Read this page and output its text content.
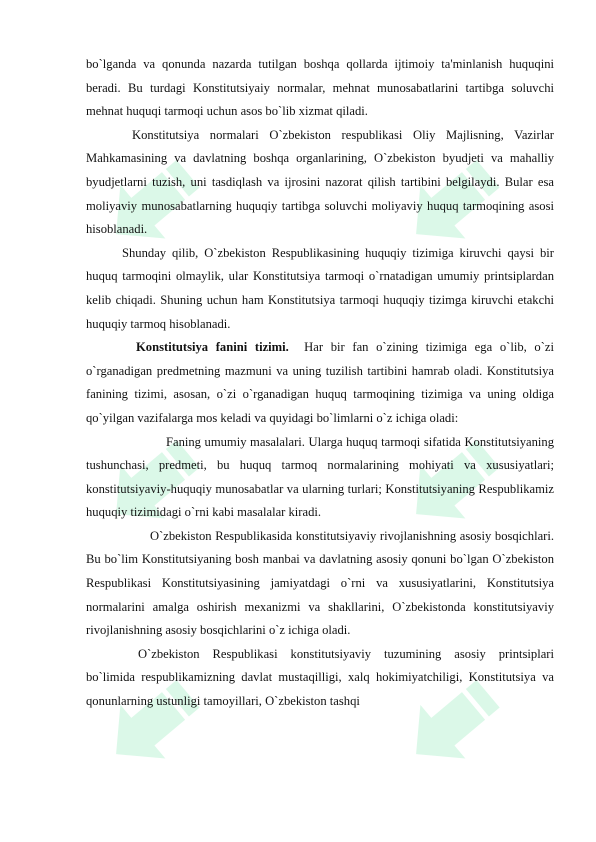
bo`lganda va qonunda nazarda tutilgan boshqa qollarda ijtimoiy ta'minlanish huquqini beradi. Bu turdagi Konstitutsiyaiy normalar, mehnat munosabatlarini tartibga soluvchi mehnat huquqi tarmoqi uchun asos bo`lib xizmat qiladi.

Konstitutsiya normalari O`zbekiston respublikasi Oliy Majlisning, Vazirlar Mahkamasining va davlatning boshqa organlarining, O`zbekiston byudjeti va mahalliy byudjetlarni tuzish, uni tasdiqlash va ijrosini nazorat qilish tartibini belgilaydi. Bular esa moliyaviy munosabatlarning huquqiy tartibga soluvchi moliyaviy huquq tarmoqining asosi hisoblanadi.

Shunday qilib, O`zbekiston Respublikasining huquqiy tizimiga kiruvchi qaysi bir huquq tarmoqini olmaylik, ular Konstitutsiya tarmoqi o`rnatadigan umumiy printsiplardan kelib chiqadi. Shuning uchun ham Konstitutsiya tarmoqi huquqiy tizimga kiruvchi etakchi huquqiy tarmoq hisoblanadi.

Konstitutsiya fanini tizimi. Har bir fan o`zining tizimiga ega o`lib, o`zi o`rganadigan predmetning mazmuni va uning tuzilish tartibini hamrab oladi. Konstitutsiya fanining tizimi, asosan, o`zi o`rganadigan huquq tarmoqining tizimiga va uning oldiga qo`yilgan vazifalarga mos keladi va quyidagi bo`limlarni o`z ichiga oladi:

Faning umumiy masalalari. Ularga huquq tarmoqi sifatida Konstitutsiyaning tushunchasi, predmeti, bu huquq tarmoq normalarining mohiyati va xususiyatlari; konstitutsiyaviy-huquqiy munosabatlar va ularning turlari; Konstitutsiyaning Respublikamiz huquqiy tizimidagi o`rni kabi masalalar kiradi.

O`zbekiston Respublikasida konstitutsiyaviy rivojlanishning asosiy bosqichlari. Bu bo`lim Konstitutsiyaning bosh manbai va davlatning asosiy qonuni bo`lgan O`zbekiston Respublikasi Konstitutsiyasining jamiyatdagi o`rni va xususiyatlarini, Konstitutsiya normalarini amalga oshirish mexanizmi va shakllarini, O`zbekistonda konstitutsiyaviy rivojlanishning asosiy bosqichlarini o`z ichiga oladi.

O`zbekiston Respublikasi konstitutsiyaviy tuzumining asosiy printsiplari bo`limida respublikamizning davlat mustaqilligi, xalq hokimiyatchiligi, Konstitutsiya va qonunlarning ustunligi tamoyillari, O`zbekiston tashqi
